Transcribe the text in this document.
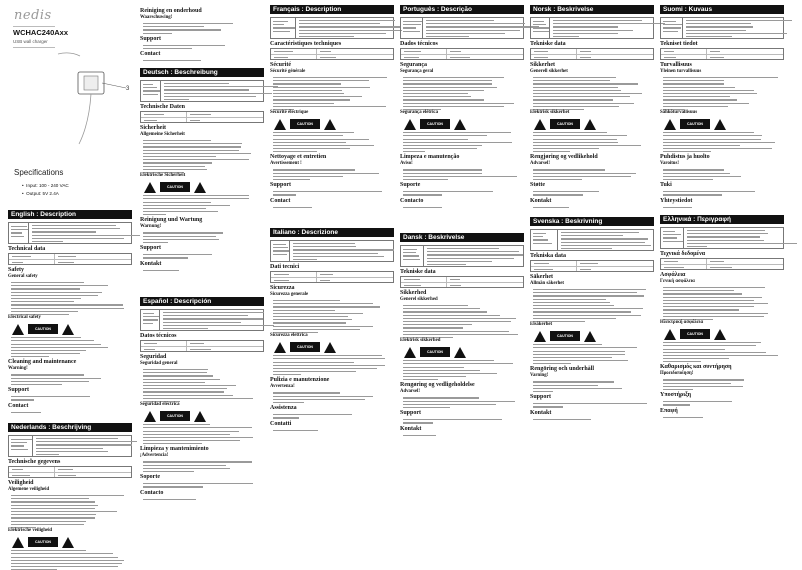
English : Description
Technical data
Safety
General safety
Electrical safety
CAUTION
Cleaning and maintenance
Warning!
Support
Contact
Nederlands : Beschrijving
Technische gegevens
Veiligheid
Algemene veiligheid
Elektrische veiligheid
CAUTION
Reiniging en onderhoud
Waarschuwing!
Support
Contact
Deutsch : Beschreibung
Technische Daten
Sicherheit
Allgemeine Sicherheit
Elektrische Sicherheit
CAUTION
Reinigung und Wartung
Warnung!
Support
Kontakt
Español : Descripción
Datos técnicos
Seguridad
Seguridad general
Seguridad eléctrica
CAUTION
Limpieza y mantenimiento
¡Advertencia!
Soporte
Contacto
Français : Description
Caractéristiques techniques
Sécurité
Sécurité générale
Sécurité électrique
CAUTION
Nettoyage et entretien
Avertissement !
Support
Contact
Italiano : Descrizione
Dati tecnici
Sicurezza
Sicurezza generale
Sicurezza elettrica
CAUTION
Pulizia e manutenzione
Avvertenza!
Assistenza
Contatti
Português : Descrição
Dados técnicos
Segurança
Segurança geral
Segurança elétrica
CAUTION
Limpeza e manutenção
Aviso!
Suporte
Contacto
Dansk : Beskrivelse
Tekniske data
Sikkerhed
Generel sikkerhed
Elektrisk sikkerhed
CAUTION
Rengøring og vedligeholdelse
Advarsel!
Support
Kontakt
Norsk : Beskrivelse
Tekniske data
Sikkerhet
Generell sikkerhet
Elektrisk sikkerhet
CAUTION
Rengjøring og vedlikehold
Advarsel!
Støtte
Kontakt
Svenska : Beskrivning
Tekniska data
Säkerhet
Allmän säkerhet
Elsäkerhet
CAUTION
Rengöring och underhåll
Varning!
Support
Kontakt
Suomi : Kuvaus
Tekniset tiedot
Turvallisuus
Yleinen turvallisuus
Sähköturvallisuus
CAUTION
Puhdistus ja huolto
Varoitus!
Tuki
Yhteystiedot
Ελληνικά : Περιγραφή
Τεχνικά δεδομένα
Ασφάλεια
Γενική ασφάλεια
Ηλεκτρική ασφάλεια
CAUTION
Καθαρισμός και συντήρηση
Προειδοποίηση!
Υποστήριξη
Επαφή
nedis
WCHAC240Axx
USB wall charger
3
Specifications
•  Input: 100 - 240 VAC
•  Output: 5V 2.4A
